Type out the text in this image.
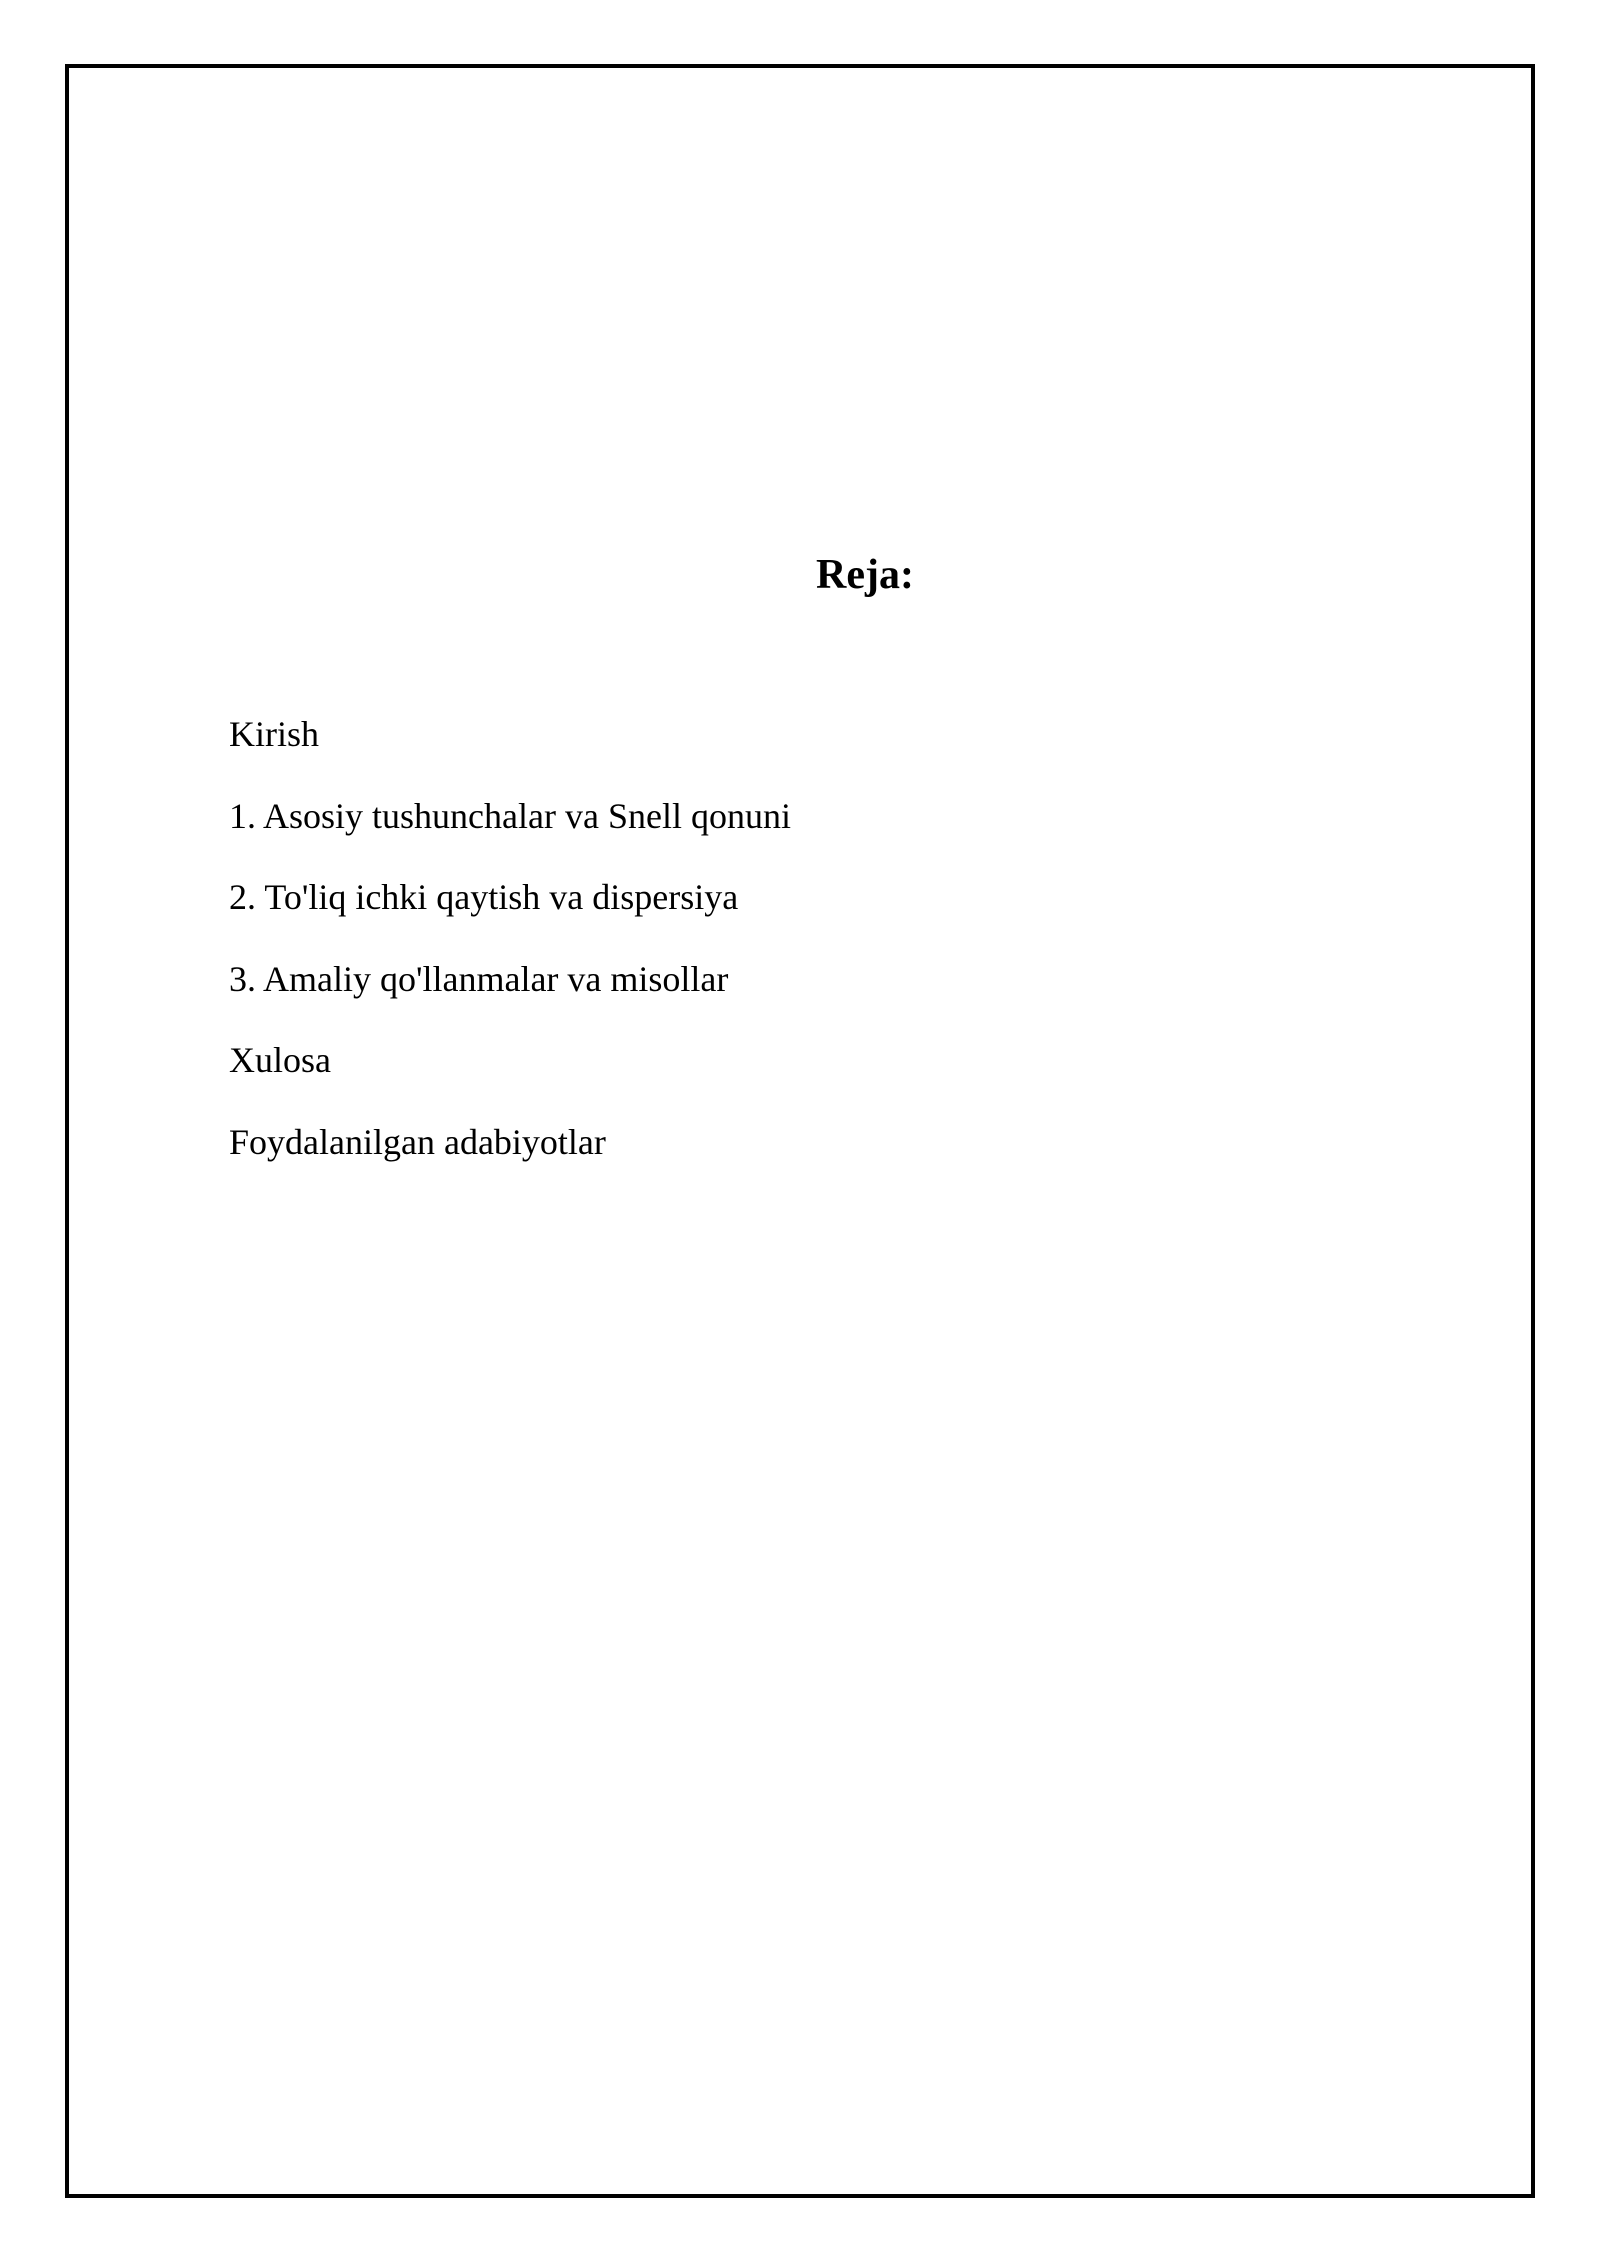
Reja:
Kirish
1. Asosiy tushunchalar va Snell qonuni
2. To'liq ichki qaytish va dispersiya
3. Amaliy qo'llanmalar va misollar
Xulosa
Foydalanilgan adabiyotlar
